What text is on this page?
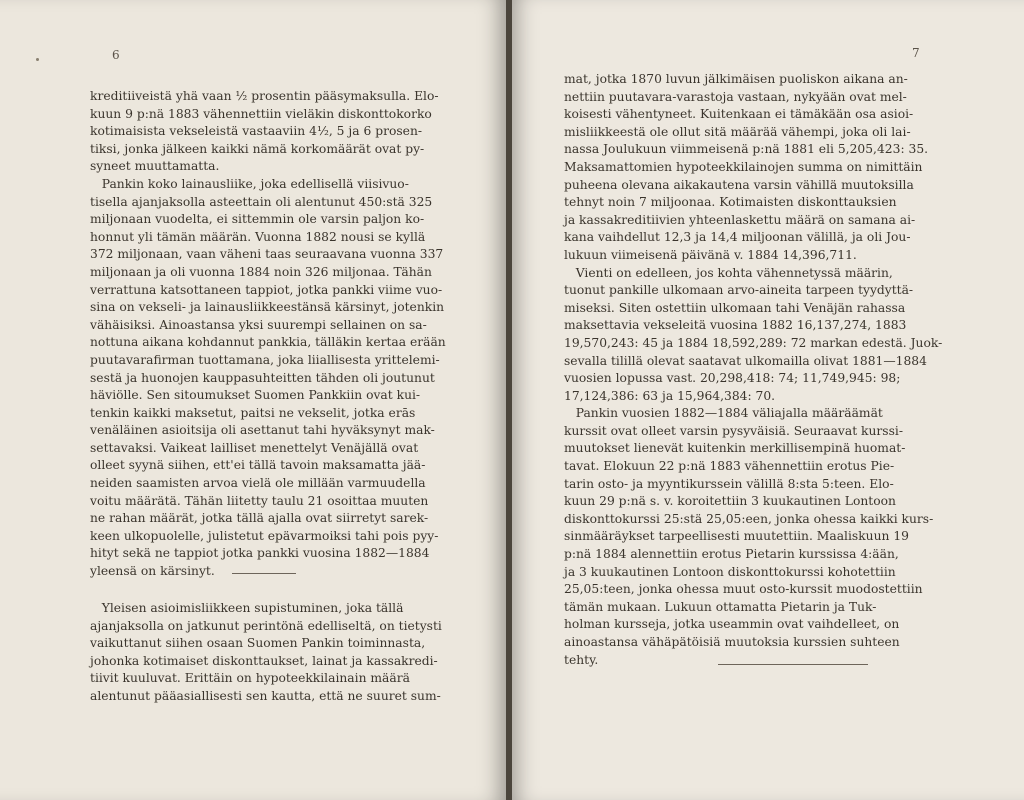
6
kreditiiveistä yhä vaan ½ prosentin pääsymaksulla. Elo-
kuun 9 p:nä 1883 vähennettiin vieläkin diskonttokorko
kotimaisista vekseleistä vastaaviin 4½, 5 ja 6 prosen-
tiksi, jonka jälkeen kaikki nämä korkomäärät ovat py-
syneet muuttamatta.
Pankin koko lainausliike, joka edellisellä viisivuo-
tisella ajanjaksolla asteettain oli alentunut 450:stä 325
miljonaan vuodelta, ei sittemmin ole varsin paljon ko-
honnut yli tämän määrän. Vuonna 1882 nousi se kyllä
372 miljonaan, vaan väheni taas seuraavana vuonna 337
miljonaan ja oli vuonna 1884 noin 326 miljonaa. Tähän
verrattuna katsottaneen tappiot, jotka pankki viime vuo-
sina on vekseli- ja lainausliikkeestänsä kärsinyt, jotenkin
vähäisiksi. Ainoastansa yksi suurempi sellainen on sa-
nottuna aikana kohdannut pankkia, tälläkin kertaa erään
puutavarafirman tuottamana, joka liiallisesta yrittelemi-
sestä ja huonojen kauppasuhteitten tähden oli joutunut
häviölle. Sen sitoumukset Suomen Pankkiin ovat kui-
tenkin kaikki maksetut, paitsi ne vekselit, jotka erās
venäläinen asioitsija oli asettanut tahi hyväksynyt mak-
settavaksi. Vaikeat lailliset menettelyt Venäjällä ovat
olleet syynä siihen, ett'ei tällä tavoin maksamatta jää-
neiden saamisten arvoa vielä ole millään varmuudella
voitu määrätä. Tähän liitetty taulu 21 osoittaa muuten
ne rahan määrät, jotka tällä ajalla ovat siirretyt sarek-
keen ulkopuolelle, julistetut epävarmoiksi tahi pois pyy-
hityt sekä ne tappiot jotka pankki vuosina 1882—1884
yleensä on kärsinyt.
Yleisen asioimisliikkeen supistuminen, joka tällä
ajanjaksolla on jatkunut perintönä edelliseltä, on tietysti
vaikuttanut siihen osaan Suomen Pankin toiminnasta,
johonka kotimaiset diskonttaukset, lainat ja kassakredi-
tiivit kuuluvat. Erittäin on hypoteekkilainain määrä
alentunut pääasiallisesti sen kautta, että ne suuret sum-
7
mat, jotka 1870 luvun jälkimäisen puoliskon aikana an-
nettiin puutavara-varastoja vastaan, nykyään ovat mel-
koisesti vähentyneet. Kuitenkaan ei tämäkään osa asioi-
misliikkeestä ole ollut sitä määrää vähempi, joka oli lai-
nassa Joulukuun viimmeisenä p:nä 1881 eli 5,205,423: 35.
Maksamattomien hypoteekkilainojen summa on nimittäin
puheena olevana aikakautena varsin vähillä muutoksilla
tehnyt noin 7 miljoonaa. Kotimaisten diskonttauksien
ja kassakreditiivien yhteenlaskettu määrä on samana ai-
kana vaihdellut 12,3 ja 14,4 miljoonan välillä, ja oli Jou-
lukuun viimeisenä päivänä v. 1884 14,396,711.
Vienti on edelleen, jos kohta vähennetyssä määrin,
tuonut pankille ulkomaan arvo-aineita tarpeen tyydyttä-
miseksi. Siten ostettiin ulkomaan tahi Venäjän rahassa
maksettavia vekseleitä vuosina 1882 16,137,274, 1883
19,570,243: 45 ja 1884 18,592,289: 72 markan edestä. Juok-
sevalla tilillä olevat saatavat ulkomailla olivat 1881—1884
vuosien lopussa vast. 20,298,418: 74; 11,749,945: 98;
17,124,386: 63 ja 15,964,384: 70.
Pankin vuosien 1882—1884 väliajalla määräämät
kurssit ovat olleet varsin pysyväisiä. Seuraavat kurssi-
muutokset lienevät kuitenkin merkillisempinä huomat-
tavat. Elokuun 22 p:nä 1883 vähennettiin erotus Pie-
tarin osto- ja myyntikurssein välillä 8:sta 5:teen. Elo-
kuun 29 p:nä s. v. koroitettiin 3 kuukautinen Lontoon
diskonttokurssi 25:stä 25,05:een, jonka ohessa kaikki kurs-
sinmääräykset tarpeellisesti muutettiin. Maaliskuun 19
p:nä 1884 alennettiin erotus Pietarin kurssissa 4:ään,
ja 3 kuukautinen Lontoon diskonttokurssi kohotettiin
25,05:teen, jonka ohessa muut osto-kurssit muodostettiin
tämän mukaan. Lukuun ottamatta Pietarin ja Tuk-
holman kursseja, jotka useammin ovat vaihdelleet, on
ainoastansa vähäpätöisiä muutoksia kurssien suhteen
tehty.
